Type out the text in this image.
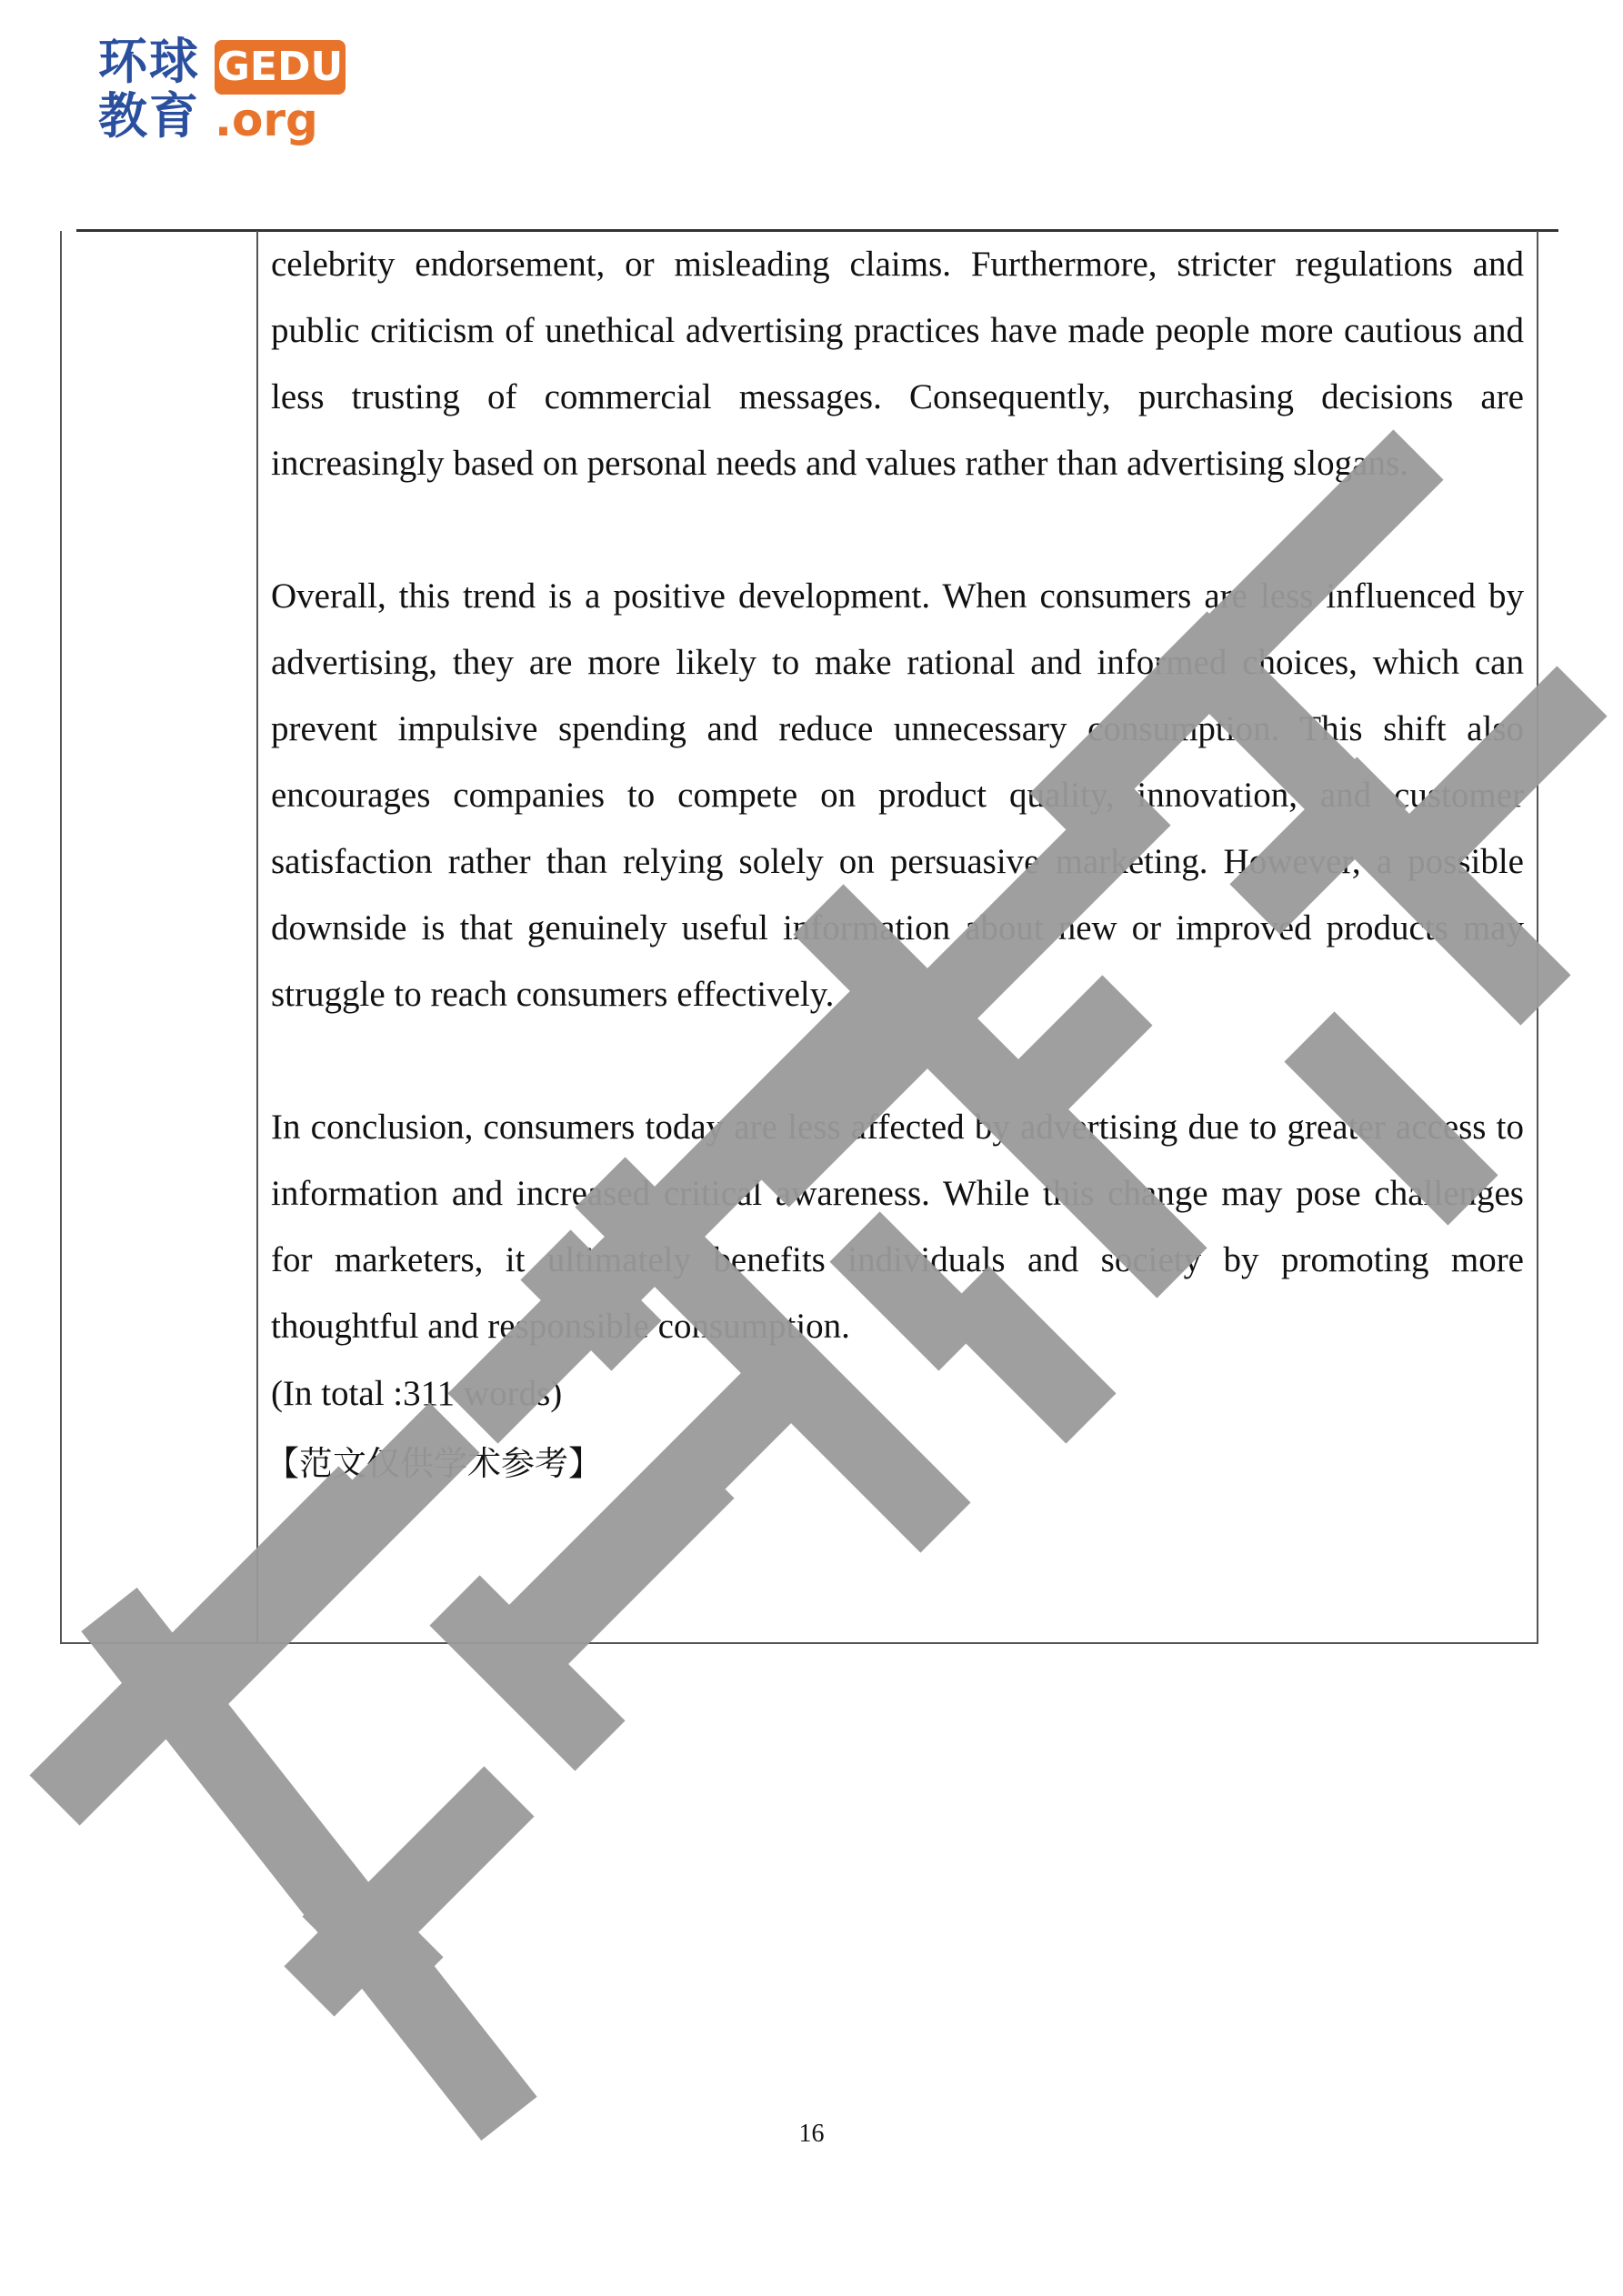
环球教育
GEDU
.org

celebrity endorsement, or misleading claims. Furthermore, stricter regulations and public criticism of unethical advertising practices have made people more cautious and less trusting of commercial messages. Consequently, purchasing decisions are increasingly based on personal needs and values rather than advertising slogans.

Overall, this trend is a positive development. When consumers are less influenced by advertising, they are more likely to make rational and informed choices, which can prevent impulsive spending and reduce unnecessary consumption. This shift also encourages companies to compete on product quality, innovation, and customer satisfaction rather than relying solely on persuasive marketing. However, a possible downside is that genuinely useful information about new or improved products may struggle to reach consumers effectively.

In conclusion, consumers today are less affected by advertising due to greater access to information and increased critical awareness. While this change may pose challenges for marketers, it ultimately benefits individuals and society by promoting more thoughtful and responsible consumption.

(In total :311 words)

【范文仅供学术参考】

16
